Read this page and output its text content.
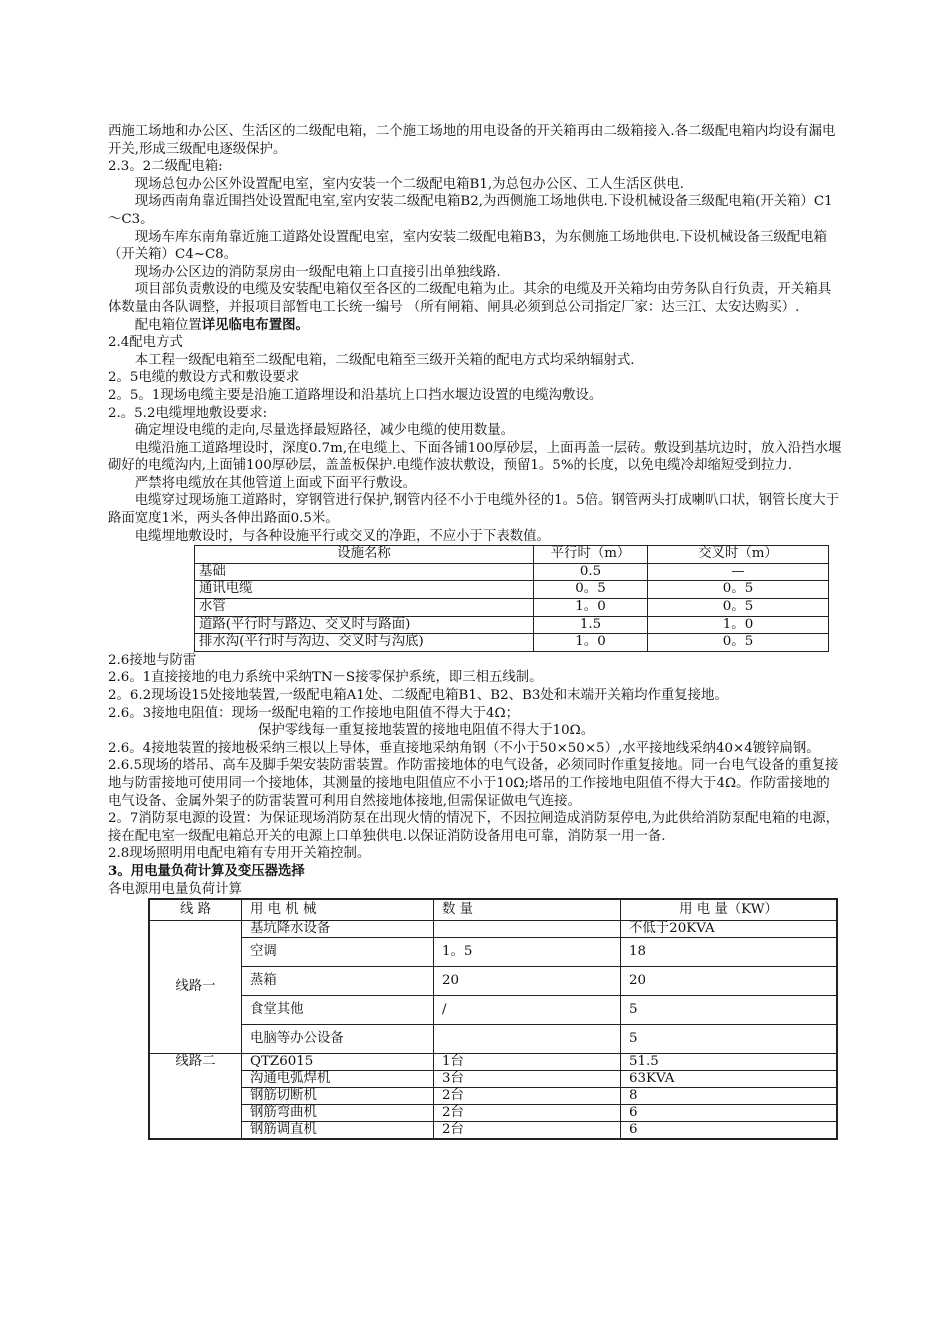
西施工场地和办公区、生活区的二级配电箱，二个施工场地的用电设备的开关箱再由二级箱接入.各二级配电箱内均设有漏电开关,形成三级配电逐级保护。

2.3。2二级配电箱:

现场总包办公区外设置配电室，室内安装一个二级配电箱B1,为总包办公区、工人生活区供电.

现场西南角靠近围挡处设置配电室,室内安装二级配电箱B2,为西侧施工场地供电.下设机械设备三级配电箱(开关箱）C1～C3。

现场车库东南角靠近施工道路处设置配电室，室内安装二级配电箱B3，为东侧施工场地供电.下设机械设备三级配电箱（开关箱）C4~C8。

现场办公区边的消防泵房由一级配电箱上口直接引出单独线路.

项目部负责敷设的电缆及安装配电箱仅至各区的二级配电箱为止。其余的电缆及开关箱均由劳务队自行负责，开关箱具体数量由各队调整，并报项目部暂电工长统一编号 （所有闸箱、闸具必须到总公司指定厂家：达三江、太安达购买）.

配电箱位置详见临电布置图。

2.4配电方式

本工程一级配电箱至二级配电箱，二级配电箱至三级开关箱的配电方式均采纳辐射式.

2。5电缆的敷设方式和敷设要求

2。5。1现场电缆主要是沿施工道路埋设和沿基坑上口挡水堰边设置的电缆沟敷设。

2.。5.2电缆埋地敷设要求:

确定埋设电缆的走向,尽量选择最短路径，减少电缆的使用数量。

电缆沿施工道路埋设时，深度0.7m,在电缆上、下面各铺100厚砂层，上面再盖一层砖。敷设到基坑边时，放入沿挡水堰砌好的电缆沟内,上面铺100厚砂层，盖盖板保护.电缆作波状敷设，预留1。5%的长度，以免电缆冷却缩短受到拉力.

严禁将电缆放在其他管道上面或下面平行敷设。

电缆穿过现场施工道路时，穿钢管进行保护,钢管内径不小于电缆外径的1。5倍。钢管两头打成喇叭口状，钢管长度大于路面宽度1米，两头各伸出路面0.5米。

电缆埋地敷设时，与各种设施平行或交叉的净距，不应小于下表数值。

设施名称	平行时（m）	交叉时（m）
基础	0.5	—
通讯电缆	0。5	0。5
水管	1。0	0。5
道路(平行时与路边、交叉时与路面)	1.5	1。0
排水沟(平行时与沟边、交叉时与沟底)	1。0	0。5

2.6接地与防雷

2.6。1直接接地的电力系统中采纳TN－S接零保护系统，即三相五线制。

2。6.2现场设15处接地装置,一级配电箱A1处、二级配电箱B1、B2、B3处和末端开关箱均作重复接地。

2.6。3接地电阻值：现场一级配电箱的工作接地电阻值不得大于4Ω；

保护零线每一重复接地装置的接地电阻值不得大于10Ω。

2.6。4接地装置的接地极采纳三根以上导体，垂直接地采纳角钢（不小于50×50×5）,水平接地线采纳40×4镀锌扁钢。

2.6.5现场的塔吊、高车及脚手架安装防雷装置。作防雷接地体的电气设备，必须同时作重复接地。同一台电气设备的重复接地与防雷接地可使用同一个接地体，其测量的接地电阻值应不小于10Ω;塔吊的工作接地电阻值不得大于4Ω。作防雷接地的电气设备、金属外架子的防雷装置可利用自然接地体接地,但需保证做电气连接。

2。7消防泵电源的设置：为保证现场消防泵在出现火情的情况下，不因拉闸造成消防泵停电,为此供给消防泵配电箱的电源，接在配电室一级配电箱总开关的电源上口单独供电.以保证消防设备用电可靠，消防泵一用一备.

2.8现场照明用电配电箱有专用开关箱控制。

3。用电量负荷计算及变压器选择

各电源用电量负荷计算

线 路	用 电 机 械	数 量	用 电 量（KW）
线路一	基坑降水设备		不低于20KVA
	空调	1。5	18
	蒸箱	20	20
	食堂其他	/	5
	电脑等办公设备		5
线路二	QTZ6015	1台	51.5
	沟通电弧焊机	3台	63KVA
	钢筋切断机	2台	8
	钢筋弯曲机	2台	6
	钢筋调直机	2台	6
